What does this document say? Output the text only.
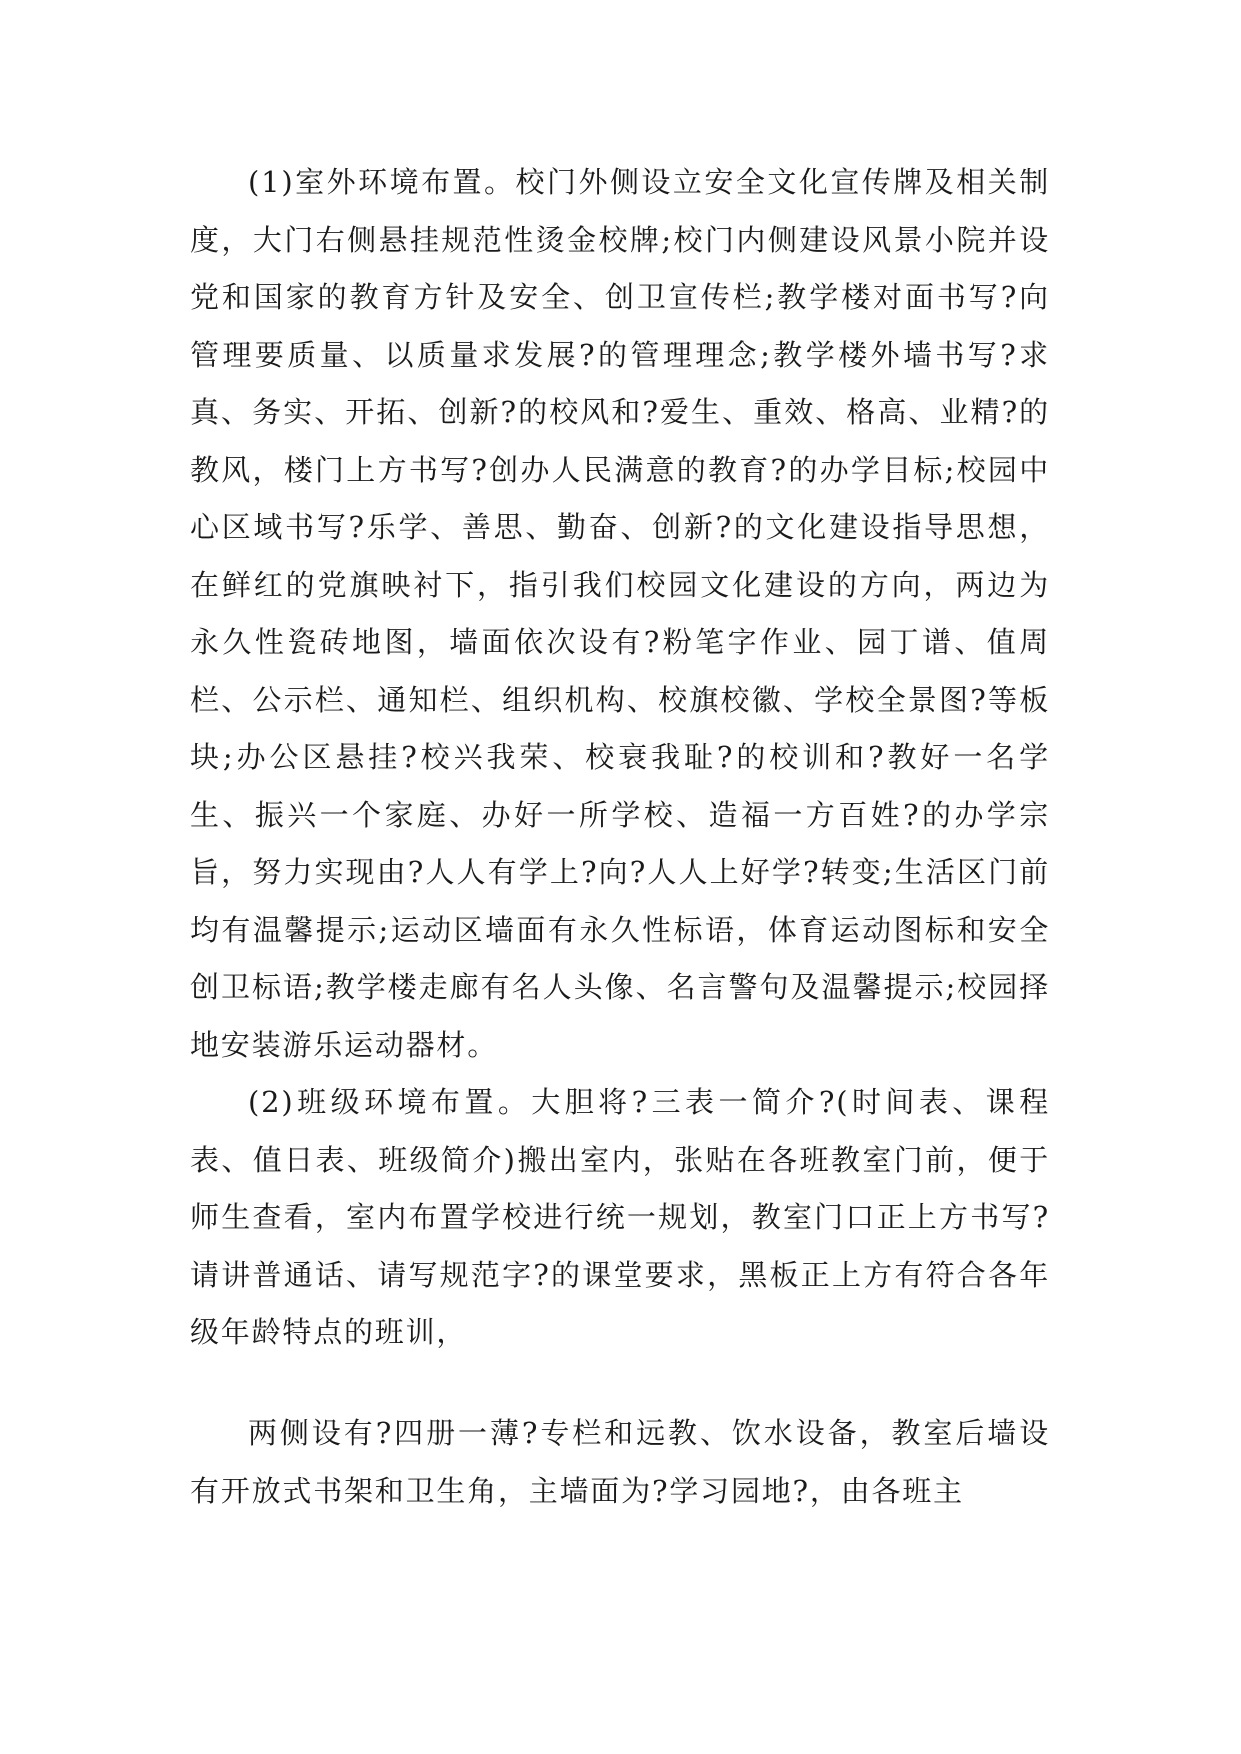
(1)室外环境布置。校门外侧设立安全文化宣传牌及相关制度，大门右侧悬挂规范性烫金校牌;校门内侧建设风景小院并设党和国家的教育方针及安全、创卫宣传栏;教学楼对面书写?向管理要质量、以质量求发展?的管理理念;教学楼外墙书写?求真、务实、开拓、创新?的校风和?爱生、重效、格高、业精?的教风，楼门上方书写?创办人民满意的教育?的办学目标;校园中心区域书写?乐学、善思、勤奋、创新?的文化建设指导思想，在鲜红的党旗映衬下，指引我们校园文化建设的方向，两边为永久性瓷砖地图，墙面依次设有?粉笔字作业、园丁谱、值周栏、公示栏、通知栏、组织机构、校旗校徽、学校全景图?等板块;办公区悬挂?校兴我荣、校衰我耻?的校训和?教好一名学生、振兴一个家庭、办好一所学校、造福一方百姓?的办学宗旨，努力实现由?人人有学上?向?人人上好学?转变;生活区门前均有温馨提示;运动区墙面有永久性标语，体育运动图标和安全创卫标语;教学楼走廊有名人头像、名言警句及温馨提示;校园择地安装游乐运动器材。

(2)班级环境布置。大胆将?三表一简介?(时间表、课程表、值日表、班级简介)搬出室内，张贴在各班教室门前，便于师生查看，室内布置学校进行统一规划，教室门口正上方书写?请讲普通话、请写规范字?的课堂要求，黑板正上方有符合各年级年龄特点的班训，

两侧设有?四册一薄?专栏和远教、饮水设备，教室后墙设有开放式书架和卫生角，主墙面为?学习园地?，由各班主
